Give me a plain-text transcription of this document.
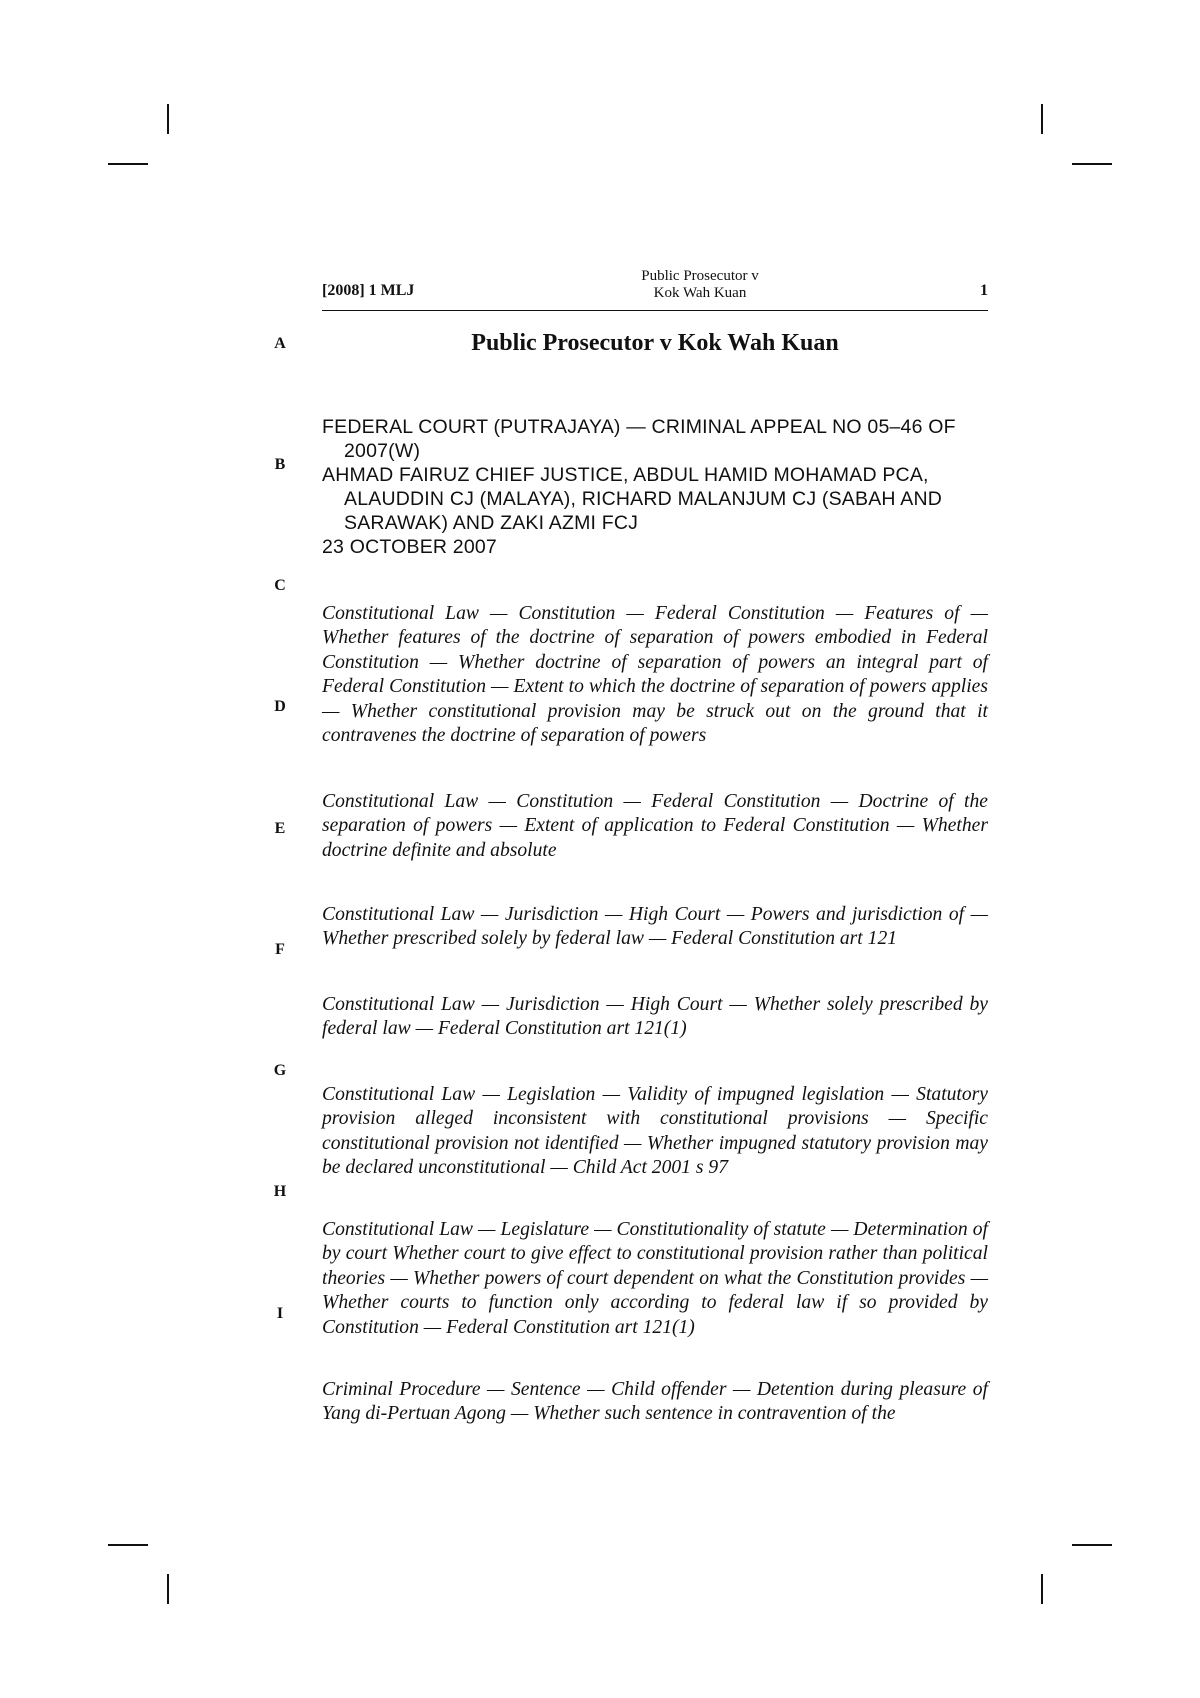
[2008] 1 MLJ
Public Prosecutor v
Kok Wah Kuan	1
Public Prosecutor v Kok Wah Kuan
A
B
C
D
E
F
G
H
I
FEDERAL COURT (PUTRAJAYA) — CRIMINAL APPEAL NO 05–46 OF 2007(W)
AHMAD FAIRUZ CHIEF JUSTICE, ABDUL HAMID MOHAMAD PCA, ALAUDDIN CJ (MALAYA), RICHARD MALANJUM CJ (SABAH AND SARAWAK) AND ZAKI AZMI FCJ
23 OCTOBER 2007

Constitutional Law — Constitution — Federal Constitution — Features of — Whether features of the doctrine of separation of powers embodied in Federal Constitution — Whether doctrine of separation of powers an integral part of Federal Constitution — Extent to which the doctrine of separation of powers applies — Whether constitutional provision may be struck out on the ground that it contravenes the doctrine of separation of powers

Constitutional Law — Constitution — Federal Constitution — Doctrine of the separation of powers — Extent of application to Federal Constitution — Whether doctrine definite and absolute

Constitutional Law — Jurisdiction — High Court — Powers and jurisdiction of — Whether prescribed solely by federal law — Federal Constitution art 121

Constitutional Law — Jurisdiction — High Court — Whether solely prescribed by federal law — Federal Constitution art 121(1)

Constitutional Law — Legislation — Validity of impugned legislation — Statutory provision alleged inconsistent with constitutional provisions — Specific constitutional provision not identified — Whether impugned statutory provision may be declared unconstitutional — Child Act 2001 s 97

Constitutional Law — Legislature — Constitutionality of statute — Determination of by court Whether court to give effect to constitutional provision rather than political theories — Whether powers of court dependent on what the Constitution provides — Whether courts to function only according to federal law if so provided by Constitution — Federal Constitution art 121(1)

Criminal Procedure — Sentence — Child offender — Detention during pleasure of Yang di-Pertuan Agong — Whether such sentence in contravention of the
